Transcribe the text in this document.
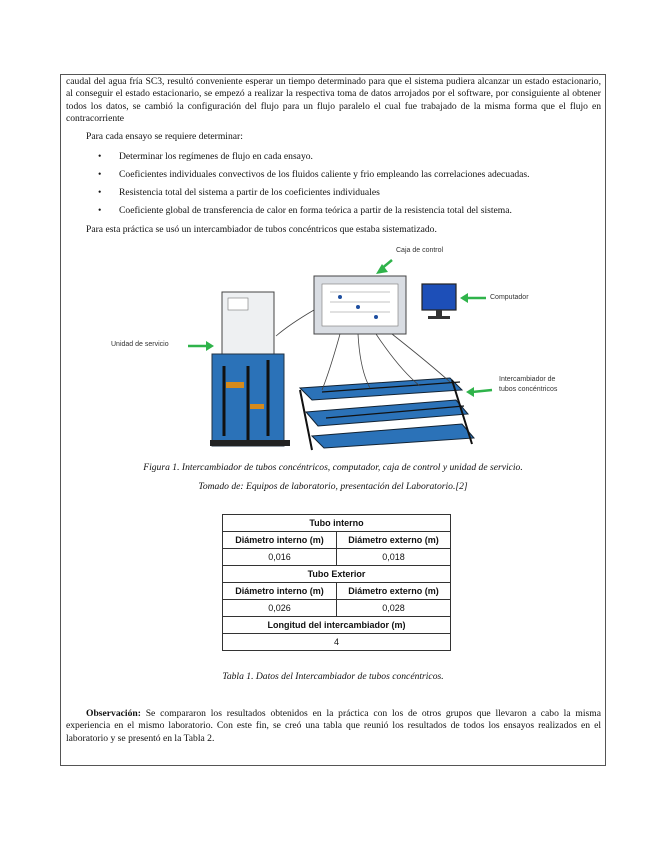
caudal del agua fría SC3, resultó conveniente esperar un tiempo determinado para que el sistema pudiera alcanzar un estado estacionario, al conseguir el estado estacionario, se empezó a realizar la respectiva toma de datos arrojados por el software, por consiguiente al obtener todos los datos, se cambió la configuración del flujo para un flujo paralelo el cual fue trabajado de la misma forma que el flujo en contracorriente
Para cada ensayo se requiere determinar:
• Determinar los regímenes de flujo en cada ensayo.
• Coeficientes individuales convectivos de los fluidos caliente y frio empleando las correlaciones adecuadas.
• Resistencia total del sistema a partir de los coeficientes individuales
• Coeficiente global de transferencia de calor en forma teórica a partir de la resistencia total del sistema.
Para esta práctica se usó un intercambiador de tubos concéntricos que estaba sistematizado.
Caja de control
Computador
Unidad de servicio
Intercambiador de
tubos concéntricos
Figura 1. Intercambiador de tubos concéntricos, computador, caja de control y unidad de servicio.
Tomado de: Equipos de laboratorio, presentación del Laboratorio.[2]
Tubo interno	
Diámetro interno (m)	Diámetro externo (m)
0,016	0,018
Tubo Exterior	
Diámetro interno (m)	Diámetro externo (m)
0,026	0,028
Longitud del intercambiador (m)	
4	
Tabla 1. Datos del Intercambiador de tubos concéntricos.
Observación: Se compararon los resultados obtenidos en la práctica con los de otros grupos que llevaron a cabo la misma experiencia en el mismo laboratorio. Con este fin, se creó una tabla que reunió los resultados de todos los ensayos realizados en el laboratorio y se presentó en la Tabla 2.
